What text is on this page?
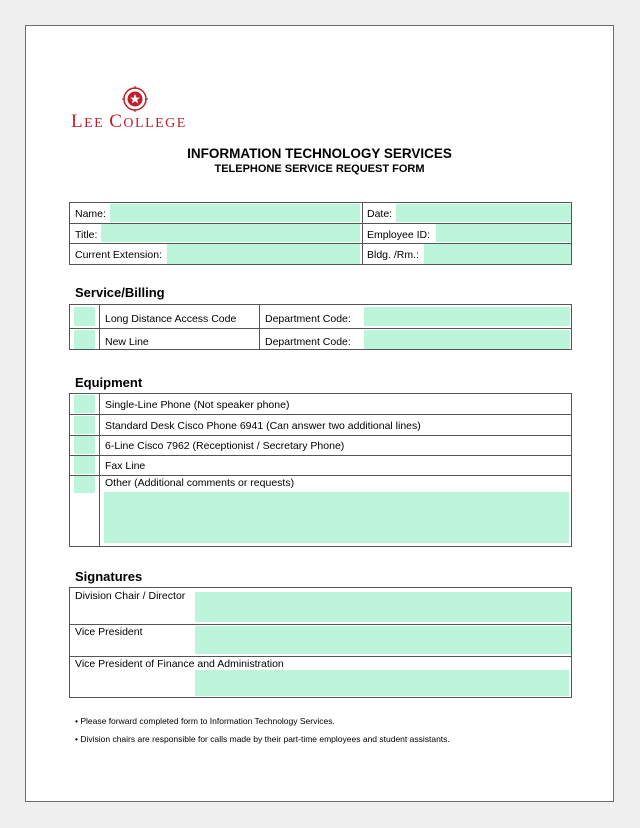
LEE COLLEGE
INFORMATION TECHNOLOGY SERVICES
TELEPHONE SERVICE REQUEST FORM
Name:
Title:
Current Extension:
Date:
Employee ID:
Bldg. /Rm.:
Service/Billing
Long Distance Access Code
New Line
Department Code:
Department Code:
Equipment
Single-Line Phone (Not speaker phone)
Standard Desk Cisco Phone 6941 (Can answer two additional lines)
6-Line Cisco 7962 (Receptionist / Secretary Phone)
Fax Line
Other (Additional comments or requests)
Signatures
Division Chair / Director
Vice President
Vice President of Finance and Administration
• Please forward completed form to Information Technology Services.
• Division chairs are responsible for calls made by their part-time employees and student assistants.
